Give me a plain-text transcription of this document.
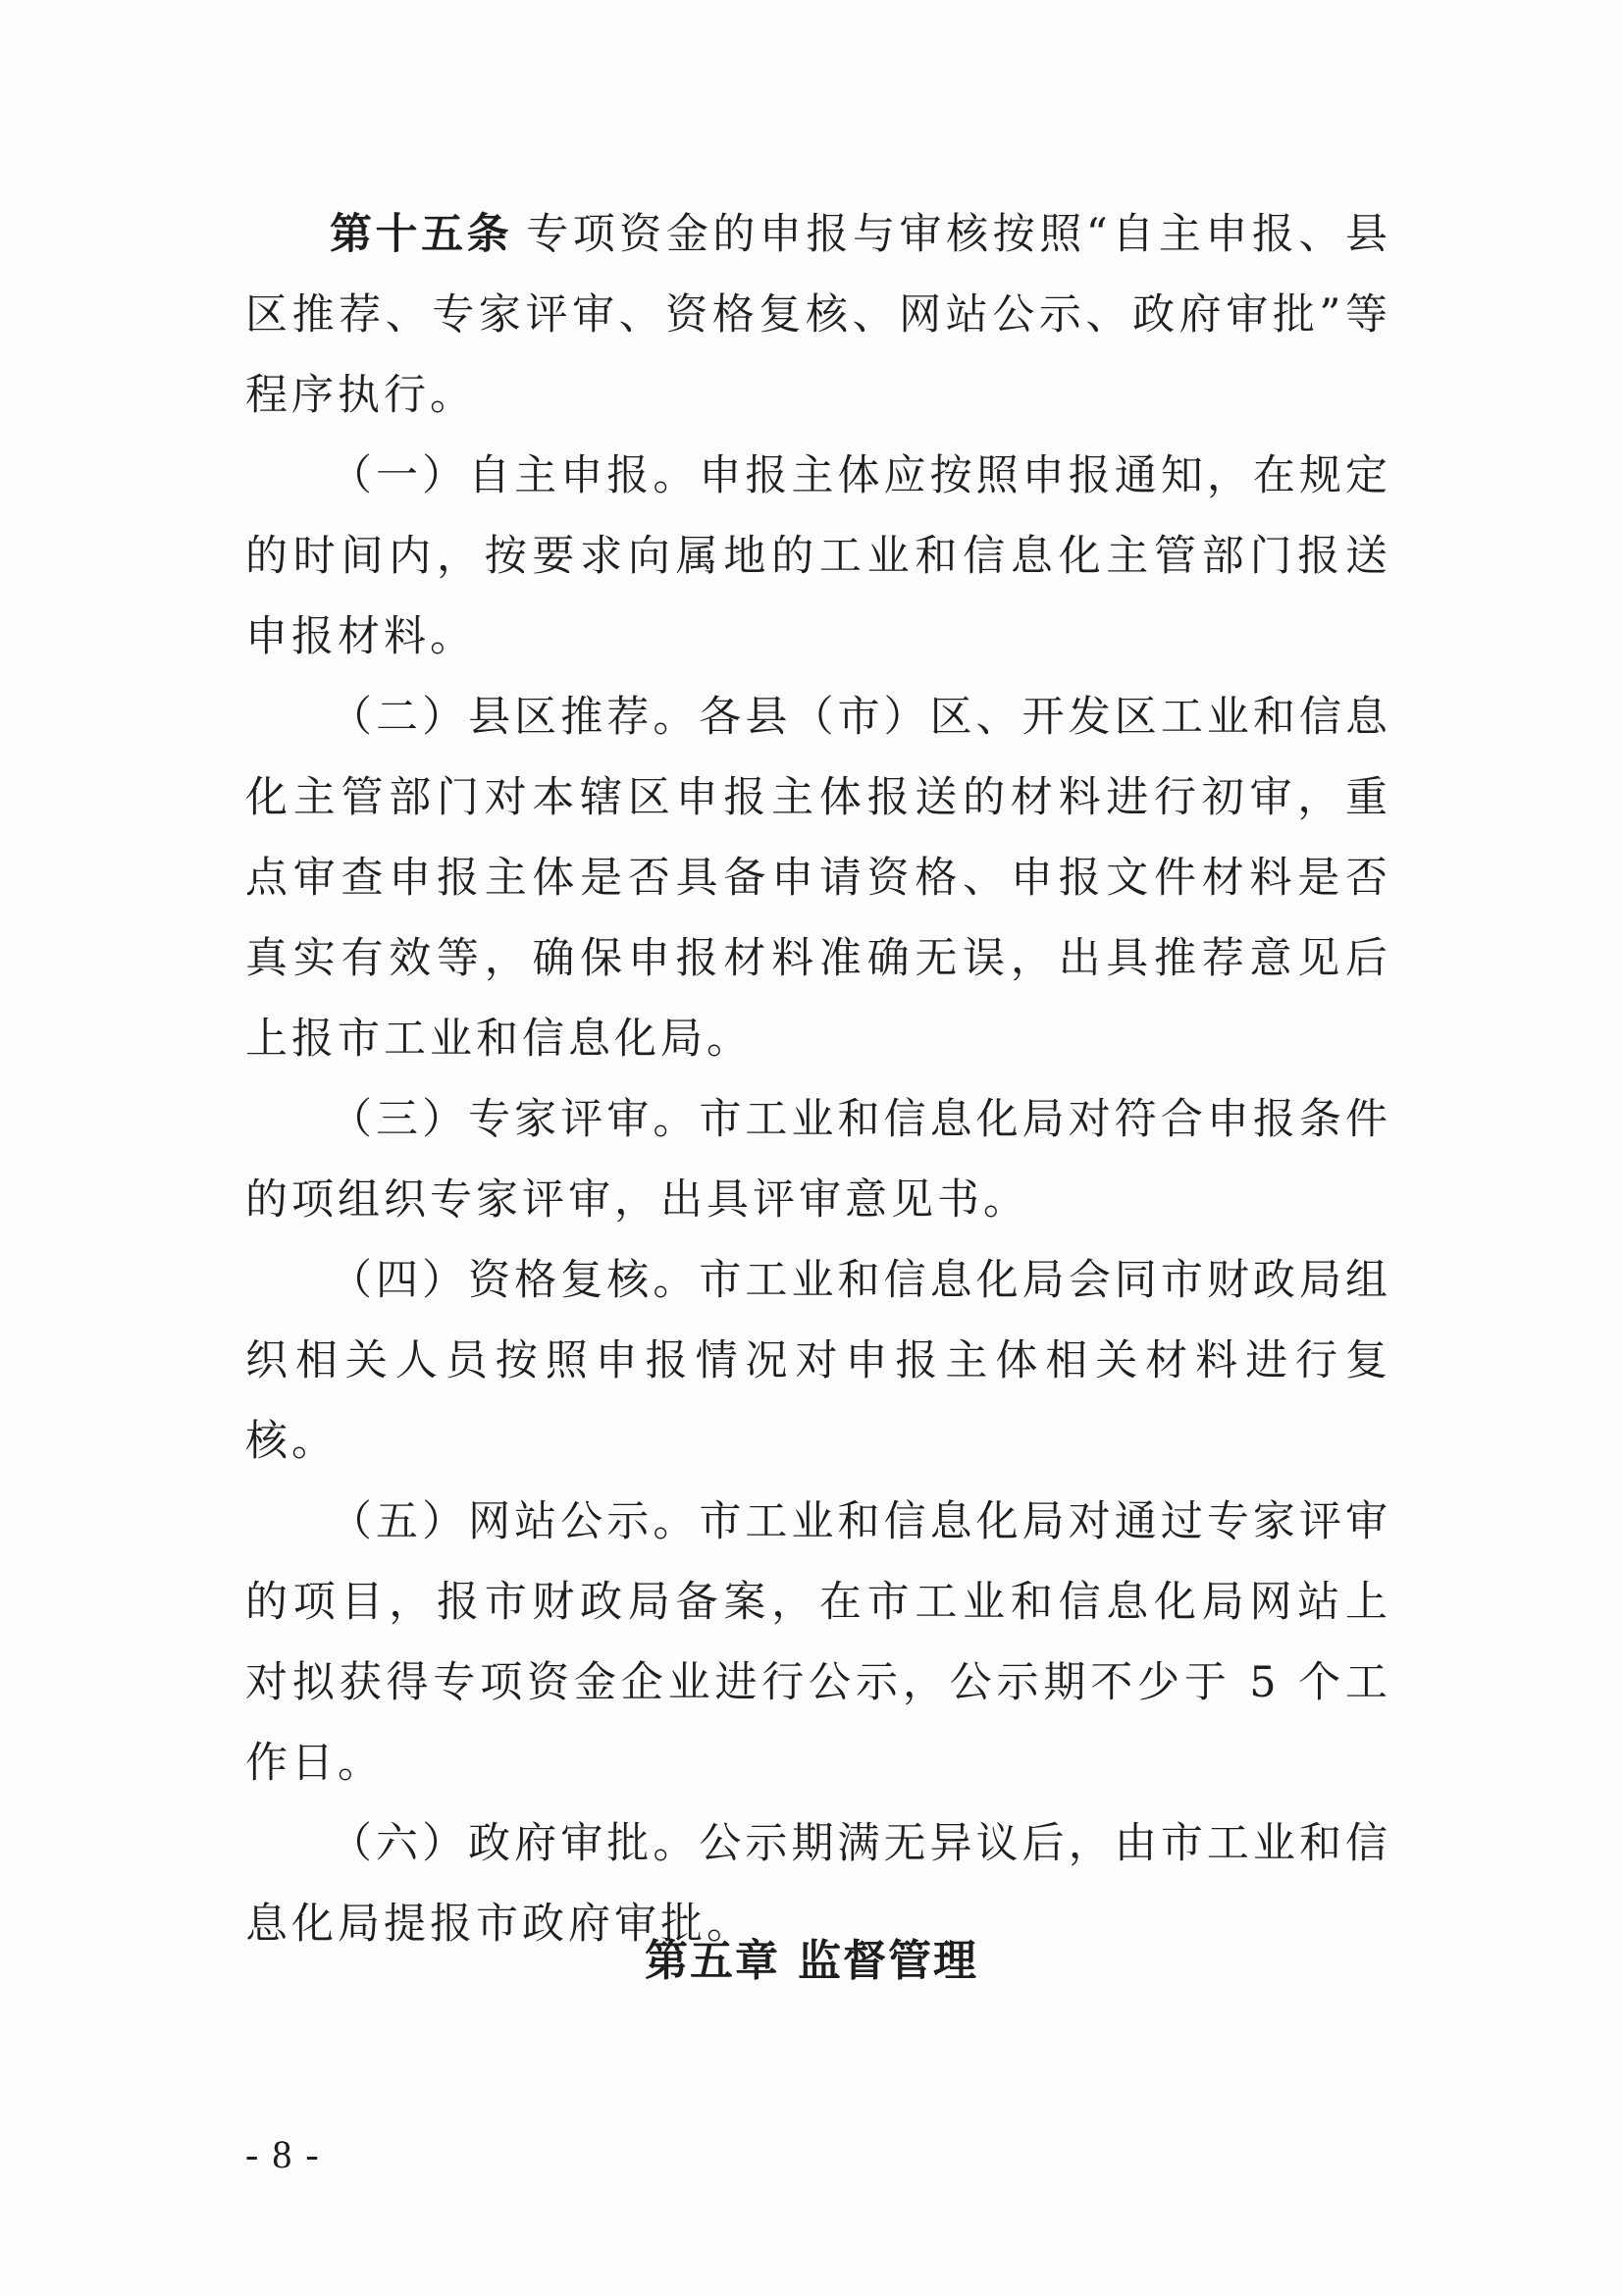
第十五条 专项资金的申报与审核按照“自主申报、县区推荐、专家评审、资格复核、网站公示、政府审批”等程序执行。

（一）自主申报。申报主体应按照申报通知，在规定的时间内，按要求向属地的工业和信息化主管部门报送申报材料。

（二）县区推荐。各县（市）区、开发区工业和信息化主管部门对本辖区申报主体报送的材料进行初审，重点审查申报主体是否具备申请资格、申报文件材料是否真实有效等，确保申报材料准确无误，出具推荐意见后上报市工业和信息化局。

（三）专家评审。市工业和信息化局对符合申报条件的项组织专家评审，出具评审意见书。

（四）资格复核。市工业和信息化局会同市财政局组织相关人员按照申报情况对申报主体相关材料进行复核。

（五）网站公示。市工业和信息化局对通过专家评审的项目，报市财政局备案，在市工业和信息化局网站上对拟获得专项资金企业进行公示，公示期不少于 5 个工作日。

（六）政府审批。公示期满无异议后，由市工业和信息化局提报市政府审批。

第五章 监督管理
- 8 -
